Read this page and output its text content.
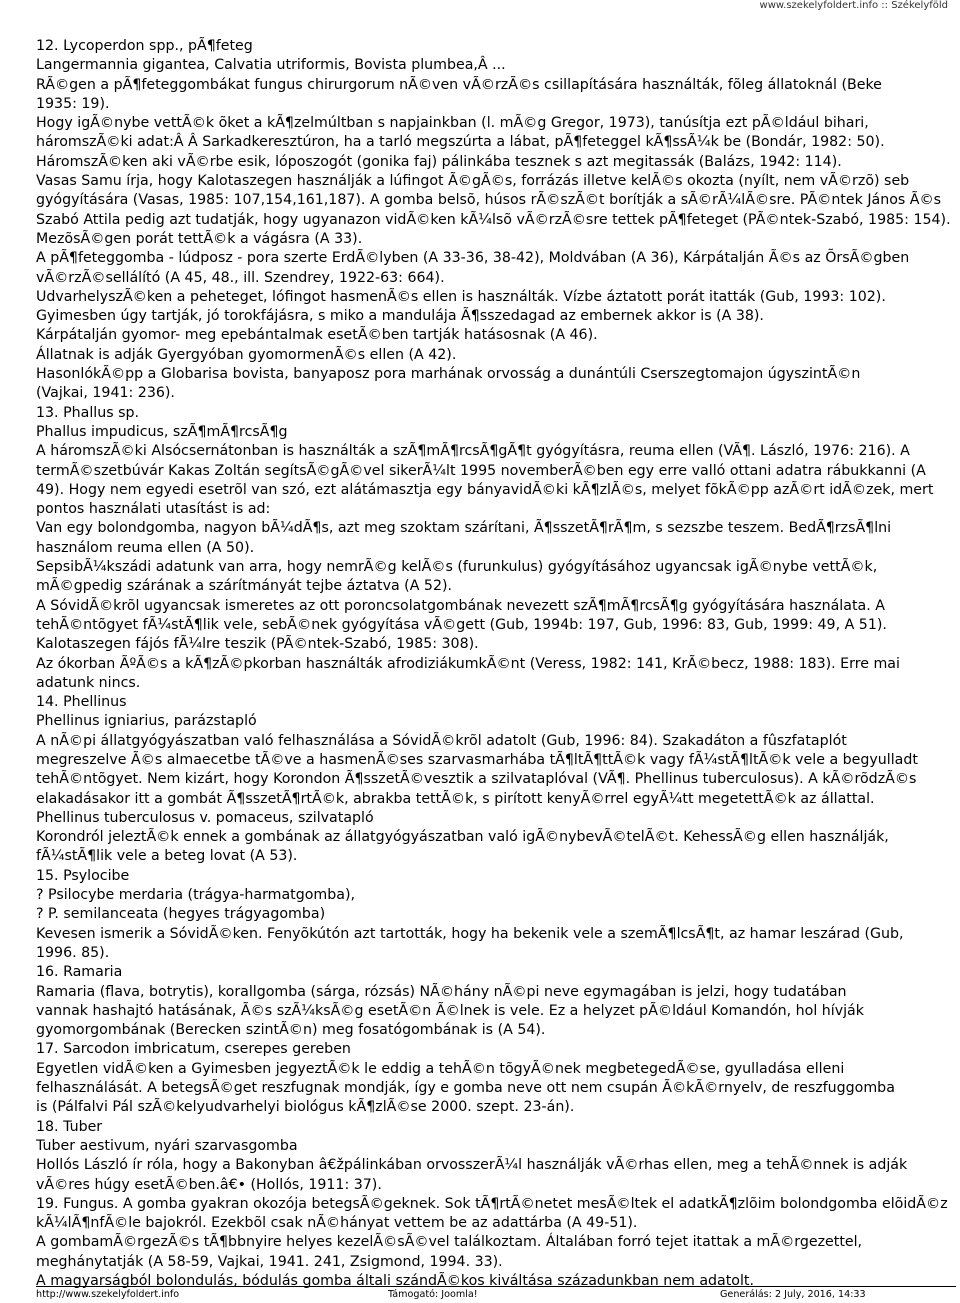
www.szekelyfoldert.info :: Székelyföld

12. Lycoperdon spp., pÃ¶feteg

Langermannia gigantea, Calvatia utriformis, Bovista plumbea,Â ...

RÃ©gen a pÃ¶feteggombákat fungus chirurgorum nÃ©ven vÃ©rzÃ©s csillapítására használták, fõleg állatoknál (Beke

1935: 19).

Hogy igÃ©nybe vettÃ©k õket a kÃ¶zelmúltban s napjainkban (l. mÃ©g Gregor, 1973), tanúsítja ezt pÃ©ldául bihari,

háromszÃ©ki adat:Â Â Sarkadkeresztúron, ha a tarló megszúrta a lábat, pÃ¶feteggel kÃ¶ssÃ¼k be (Bondár, 1982: 50).

HáromszÃ©ken aki vÃ©rbe esik, lóposzogót (gonika faj) pálinkába tesznek s azt megitassák (Balázs, 1942: 114).

Vasas Samu írja, hogy Kalotaszegen használják a lúfingot Ã©gÃ©s, forrázás illetve kelÃ©s okozta (nyílt, nem vÃ©rzõ) seb

gyógyítására (Vasas, 1985: 107,154,161,187). A gomba belsõ, húsos rÃ©szÃ©t borítják a sÃ©rÃ¼lÃ©sre. PÃ©ntek János Ã©s

Szabó Attila pedig azt tudatják, hogy ugyanazon vidÃ©ken kÃ¼lsõ vÃ©rzÃ©sre tettek pÃ¶feteget (PÃ©ntek-Szabó, 1985: 154).

MezõsÃ©gen porát tettÃ©k a vágásra (A 33).

A pÃ¶feteggomba - lúdposz - pora szerte ErdÃ©lyben (A 33-36, 38-42), Moldvában (A 36), Kárpátalján Ã©s az ÕrsÃ©gben

vÃ©rzÃ©sellálító (A 45, 48., ill. Szendrey, 1922-63: 664).

UdvarhelyszÃ©ken a peheteget, lófingot hasmenÃ©s ellen is használták. Vízbe áztatott porát itatták (Gub, 1993: 102).

Gyimesben úgy tartják, jó torokfájásra, s miko a mandulája Ã¶sszedagad az embernek akkor is (A 38).

Kárpátalján gyomor- meg epebántalmak esetÃ©ben tartják hatásosnak (A 46).

Állatnak is adják Gyergyóban gyomormenÃ©s ellen (A 42).

HasonlókÃ©pp a Globarisa bovista, banyaposz pora marhának orvosság a dunántúli Cserszegtomajon úgyszintÃ©n

(Vajkai, 1941: 236).

13. Phallus sp.

Phallus impudicus, szÃ¶mÃ¶rcsÃ¶g

A háromszÃ©ki Alsócsernátonban is használták a szÃ¶mÃ¶rcsÃ¶gÃ¶t gyógyításra, reuma ellen (VÃ¶. László, 1976: 216). A

termÃ©szetbúvár Kakas Zoltán segítsÃ©gÃ©vel sikerÃ¼lt 1995 novemberÃ©ben egy erre valló ottani adatra rábukkanni (A

49). Hogy nem egyedi esetrõl van szó, ezt alátámasztja egy bányavidÃ©ki kÃ¶zlÃ©s, melyet fõkÃ©pp azÃ©rt idÃ©zek, mert

pontos használati utasítást is ad:

Van egy bolondgomba, nagyon bÃ¼dÃ¶s, azt meg szoktam szárítani, Ã¶sszetÃ¶rÃ¶m, s sezszbe teszem. BedÃ¶rzsÃ¶lni

használom reuma ellen (A 50).

SepsibÃ¼kszádi adatunk van arra, hogy nemrÃ©g kelÃ©s (furunkulus) gyógyításához ugyancsak igÃ©nybe vettÃ©k,

mÃ©gpedig szárának a szárítmányát tejbe áztatva (A 52).

A SóvidÃ©krõl ugyancsak ismeretes az ott poroncsolatgombának nevezett szÃ¶mÃ¶rcsÃ¶g gyógyítására használata. A

tehÃ©ntõgyet fÃ¼stÃ¶lik vele, sebÃ©nek gyógyítása vÃ©gett (Gub, 1994b: 197, Gub, 1996: 83, Gub, 1999: 49, A 51).

Kalotaszegen fájós fÃ¼lre teszik (PÃ©ntek-Szabó, 1985: 308).

Az ókorban ÃºÃ©s a kÃ¶zÃ©pkorban használták afrodiziákumkÃ©nt (Veress, 1982: 141, KrÃ©becz, 1988: 183). Erre mai

adatunk nincs.

14. Phellinus

Phellinus igniarius, parázstapló

A nÃ©pi állatgyógyászatban való felhasználása a SóvidÃ©krõl adatolt (Gub, 1996: 84). Szakadáton a fûszfataplót

megreszelve Ã©s almaecetbe tÃ©ve a hasmenÃ©ses szarvasmarhába tÃ¶ltÃ¶ttÃ©k vagy fÃ¼stÃ¶ltÃ©k vele a begyulladt

tehÃ©ntõgyet. Nem kizárt, hogy Korondon Ã¶sszetÃ©vesztik a szilvataplóval (VÃ¶. Phellinus tuberculosus). A kÃ©rõdzÃ©s

elakadásakor itt a gombát Ã¶sszetÃ¶rtÃ©k, abrakba tettÃ©k, s pirított kenyÃ©rrel egyÃ¼tt megetettÃ©k az állattal.

Phellinus tuberculosus v. pomaceus, szilvatapló

Korondról jeleztÃ©k ennek a gombának az állatgyógyászatban való igÃ©nybevÃ©telÃ©t. KehessÃ©g ellen használják,

fÃ¼stÃ¶lik vele a beteg lovat (A 53).

15. Psylocibe

? Psilocybe merdaria (trágya-harmatgomba),

? P. semilanceata (hegyes trágyagomba)

Kevesen ismerik a SóvidÃ©ken. Fenyõkútón azt tartották, hogy ha bekenik vele a szemÃ¶lcsÃ¶t, az hamar leszárad (Gub,

1996. 85).

16. Ramaria

Ramaria (flava, botrytis), korallgomba (sárga, rózsás) NÃ©hány nÃ©pi neve egymagában is jelzi, hogy tudatában

vannak hashajtó hatásának, Ã©s szÃ¼ksÃ©g esetÃ©n Ã©lnek is vele. Ez a helyzet pÃ©ldául Komandón, hol hívják

gyomorgombának (Berecken szintÃ©n) meg fosatógombának is (A 54).

17. Sarcodon imbricatum, cserepes gereben

Egyetlen vidÃ©ken a Gyimesben jegyeztÃ©k le eddig a tehÃ©n tõgyÃ©nek megbetegedÃ©se, gyulladása elleni

felhasználását. A betegsÃ©get reszfugnak mondják, így e gomba neve ott nem csupán Ã©kÃ©rnyelv, de reszfuggomba

is (Pálfalvi Pál szÃ©kelyudvarhelyi biológus kÃ¶zlÃ©se 2000. szept. 23-án).

18. Tuber

Tuber aestivum, nyári szarvasgomba

Hollós László ír róla, hogy a Bakonyban â€žpálinkában orvosszerÃ¼l használják vÃ©rhas ellen, meg a tehÃ©nnek is adják

vÃ©res húgy esetÃ©ben.â€• (Hollós, 1911: 37).

19. Fungus. A gomba gyakran okozója betegsÃ©geknek. Sok tÃ¶rtÃ©netet mesÃ©ltek el adatkÃ¶zlõim bolondgomba elõidÃ©z

kÃ¼lÃ¶nfÃ©le bajokról. Ezekbõl csak nÃ©hányat vettem be az adattárba (A 49-51).

A gombamÃ©rgezÃ©s tÃ¶bbnyire helyes kezelÃ©sÃ©vel találkoztam. Általában forró tejet itattak a mÃ©rgezettel,

meghánytatják (A 58-59, Vajkai, 1941. 241, Zsigmond, 1994. 33).

A magyarságból bolondulás, bódulás gomba általi szándÃ©kos kiváltása századunkban nem adatolt.

http://www.szekelyfoldert.info	Támogató: Joomla!	Generálás: 2 July, 2016, 14:33
